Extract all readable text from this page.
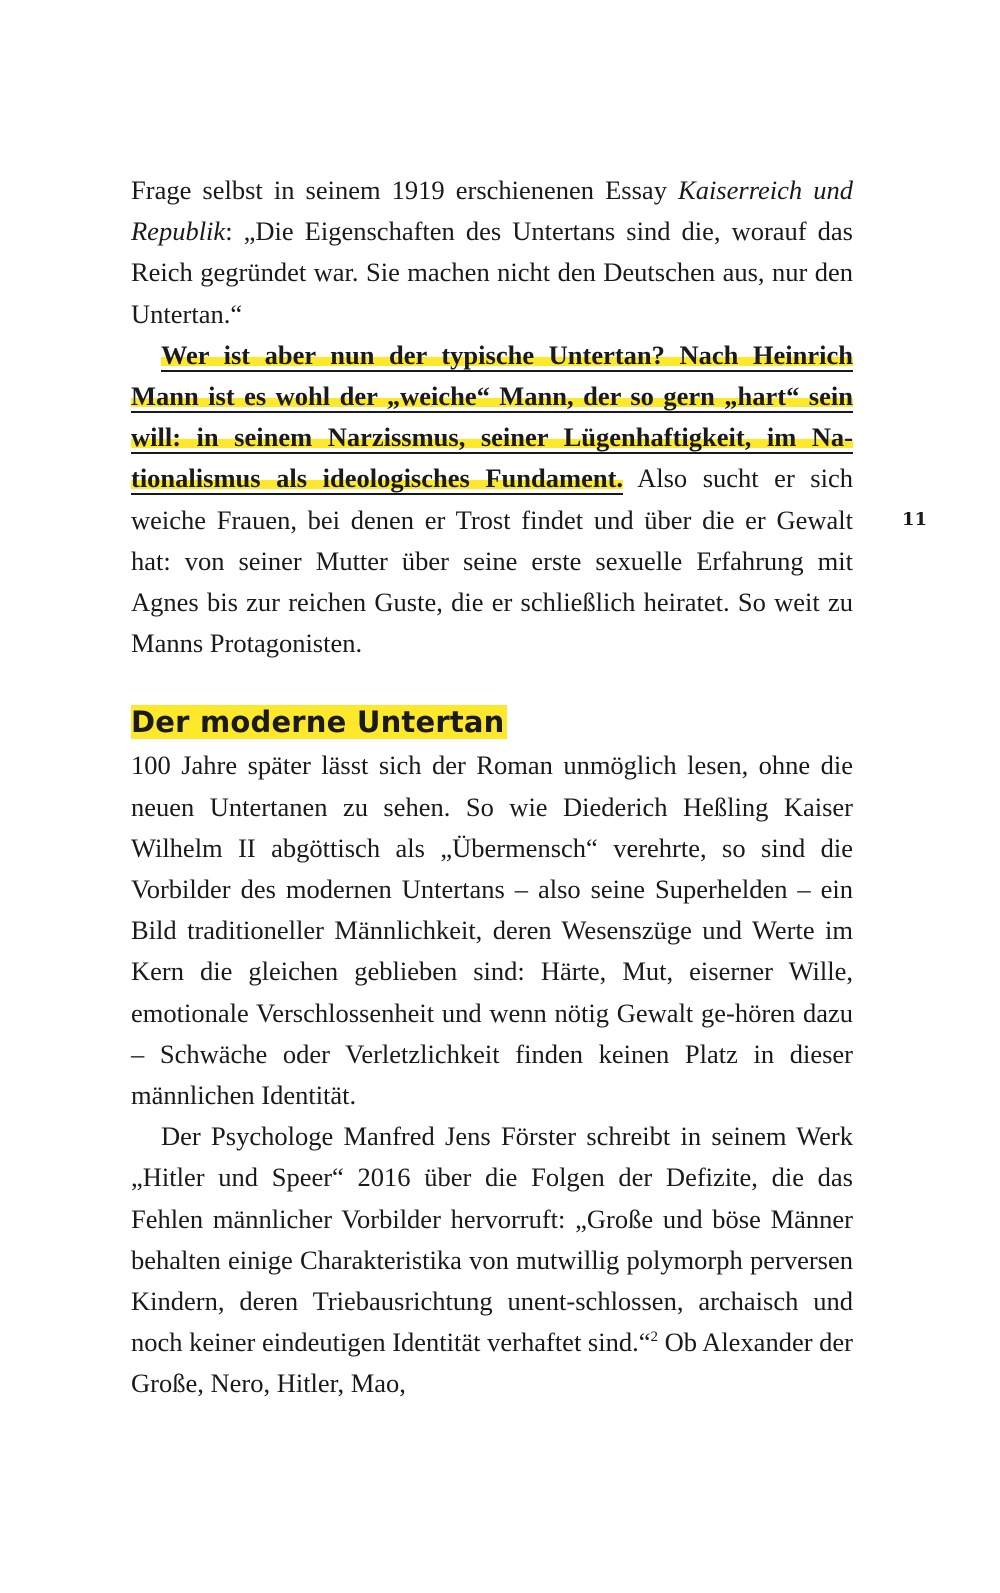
Frage selbst in seinem 1919 erschienenen Essay Kaiserreich und Republik: „Die Eigenschaften des Untertans sind die, worauf das Reich gegründet war. Sie machen nicht den Deutschen aus, nur den Untertan.“

Wer ist aber nun der typische Untertan? Nach Heinrich Mann ist es wohl der „weiche“ Mann, der so gern „hart“ sein will: in seinem Narzissmus, seiner Lügenhaftigkeit, im Na-tionalismus als ideologisches Fundament. Also sucht er sich weiche Frauen, bei denen er Trost findet und über die er Gewalt hat: von seiner Mutter über seine erste sexuelle Erfahrung mit Agnes bis zur reichen Guste, die er schließlich heiratet. So weit zu Manns Protagonisten.

Der moderne Untertan

100 Jahre später lässt sich der Roman unmöglich lesen, ohne die neuen Untertanen zu sehen. So wie Diederich Heßling Kaiser Wilhelm II abgöttisch als „Übermensch“ verehrte, so sind die Vorbilder des modernen Untertans – also seine Superhelden – ein Bild traditioneller Männlichkeit, deren Wesenszüge und Werte im Kern die gleichen geblieben sind: Härte, Mut, eiserner Wille, emotionale Verschlossenheit und wenn nötig Gewalt ge-hören dazu – Schwäche oder Verletzlichkeit finden keinen Platz in dieser männlichen Identität.

Der Psychologe Manfred Jens Förster schreibt in seinem Werk „Hitler und Speer“ 2016 über die Folgen der Defizite, die das Fehlen männlicher Vorbilder hervorruft: „Große und böse Männer behalten einige Charakteristika von mutwillig polymorph perversen Kindern, deren Triebausrichtung unent-schlossen, archaisch und noch keiner eindeutigen Identität verhaftet sind.“$^2$ Ob Alexander der Große, Nero, Hitler, Mao,

11
